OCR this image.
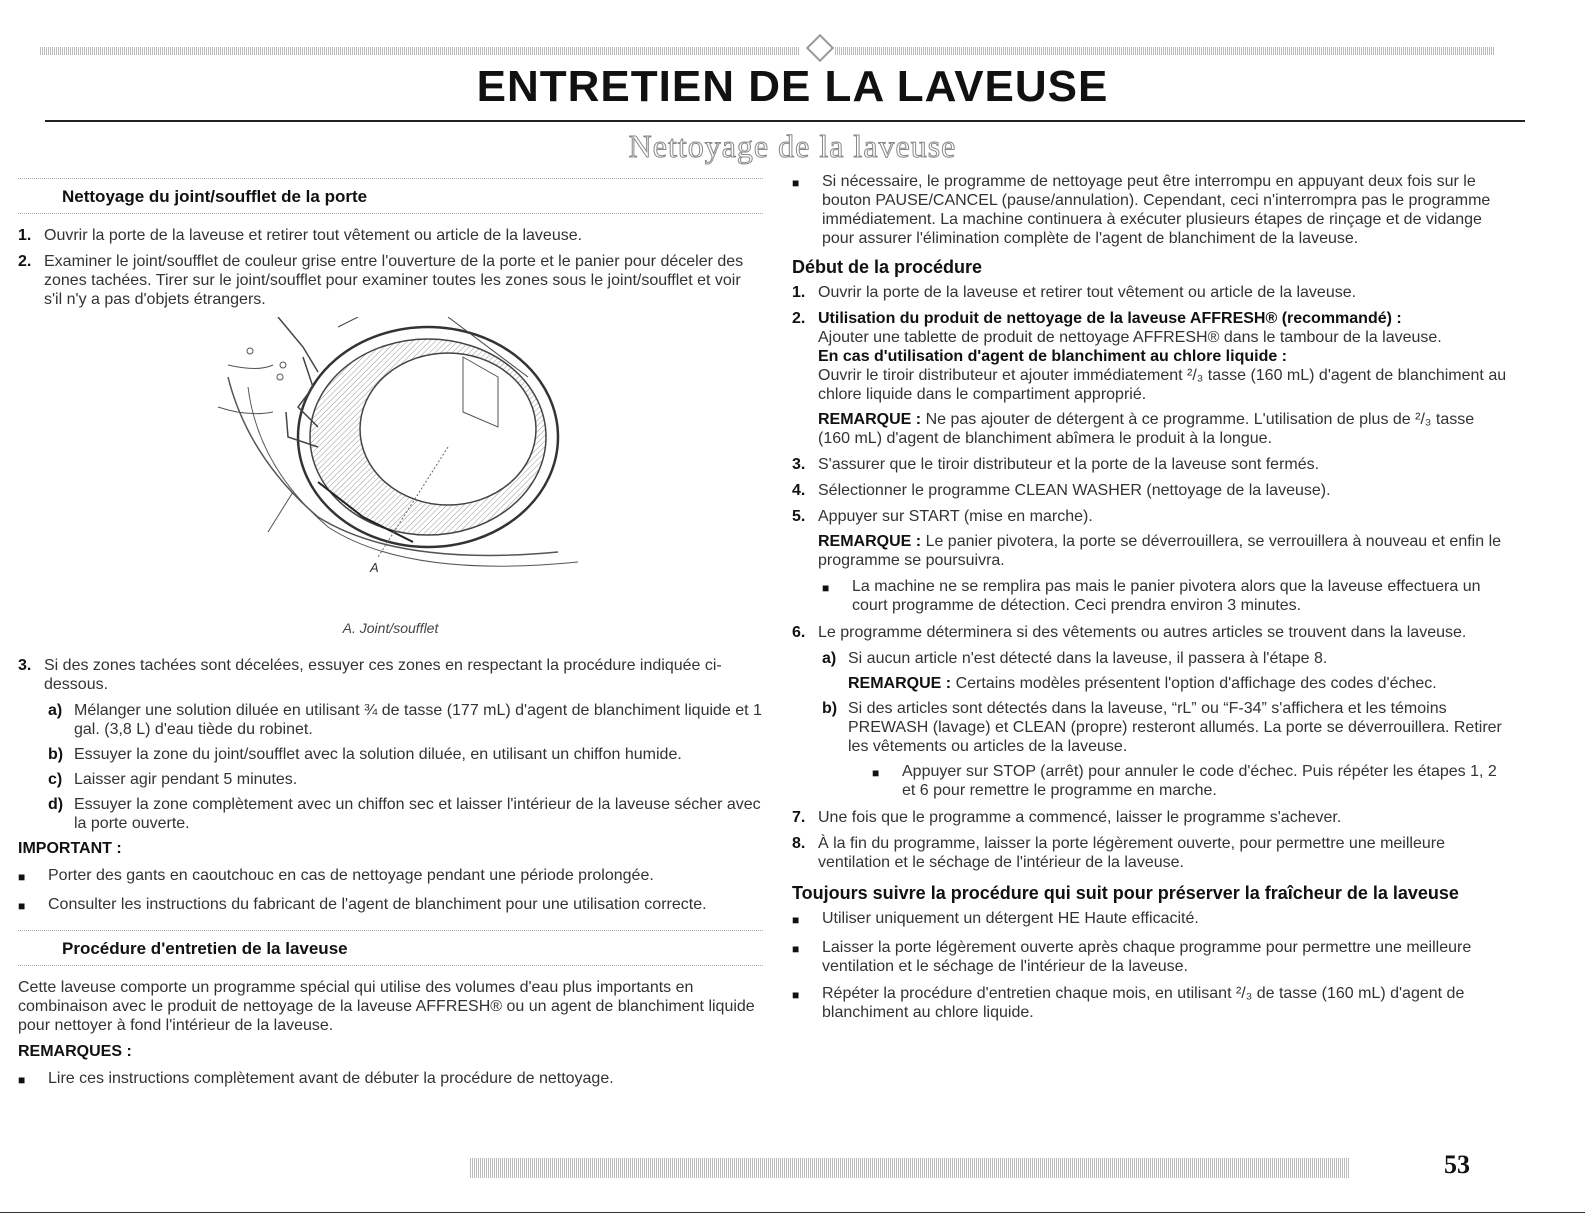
ENTRETIEN DE LA LAVEUSE
Nettoyage de la laveuse
Nettoyage du joint/soufflet de la porte
1. Ouvrir la porte de la laveuse et retirer tout vêtement ou article de la laveuse.
2. Examiner le joint/soufflet de couleur grise entre l'ouverture de la porte et le panier pour déceler des zones tachées. Tirer sur le joint/soufflet pour examiner toutes les zones sous le joint/soufflet et voir s'il n'y a pas d'objets étrangers.
A
A. Joint/soufflet
3. Si des zones tachées sont décelées, essuyer ces zones en respectant la procédure indiquée ci-dessous.
a) Mélanger une solution diluée en utilisant ¾ de tasse (177 mL) d'agent de blanchiment liquide et 1 gal. (3,8 L) d'eau tiède du robinet.
b) Essuyer la zone du joint/soufflet avec la solution diluée, en utilisant un chiffon humide.
c) Laisser agir pendant 5 minutes.
d) Essuyer la zone complètement avec un chiffon sec et laisser l'intérieur de la laveuse sécher avec la porte ouverte.
IMPORTANT :
■	Porter des gants en caoutchouc en cas de nettoyage pendant une période prolongée.
■	Consulter les instructions du fabricant de l'agent de blanchiment pour une utilisation correcte.
Procédure d'entretien de la laveuse
Cette laveuse comporte un programme spécial qui utilise des volumes d'eau plus importants en combinaison avec le produit de nettoyage de la laveuse AFFRESH® ou un agent de blanchiment liquide pour nettoyer à fond l'intérieur de la laveuse.
REMARQUES :
■	Lire ces instructions complètement avant de débuter la procédure de nettoyage.
■	Si nécessaire, le programme de nettoyage peut être interrompu en appuyant deux fois sur le bouton PAUSE/CANCEL (pause/annulation). Cependant, ceci n'interrompra pas le programme immédiatement. La machine continuera à exécuter plusieurs étapes de rinçage et de vidange pour assurer l'élimination complète de l'agent de blanchiment de la laveuse.
Début de la procédure
1. Ouvrir la porte de la laveuse et retirer tout vêtement ou article de la laveuse.
2. Utilisation du produit de nettoyage de la laveuse AFFRESH® (recommandé) :
Ajouter une tablette de produit de nettoyage AFFRESH® dans le tambour de la laveuse.
En cas d'utilisation d'agent de blanchiment au chlore liquide :
Ouvrir le tiroir distributeur et ajouter immédiatement ²/₃ tasse (160 mL) d'agent de blanchiment au chlore liquide dans le compartiment approprié.
REMARQUE : Ne pas ajouter de détergent à ce programme. L'utilisation de plus de ²/₃ tasse (160 mL) d'agent de blanchiment abîmera le produit à la longue.
3. S'assurer que le tiroir distributeur et la porte de la laveuse sont fermés.
4. Sélectionner le programme CLEAN WASHER (nettoyage de la laveuse).
5. Appuyer sur START (mise en marche).
REMARQUE : Le panier pivotera, la porte se déverrouillera, se verrouillera à nouveau et enfin le programme se poursuivra.
■	La machine ne se remplira pas mais le panier pivotera alors que la laveuse effectuera un court programme de détection. Ceci prendra environ 3 minutes.
6. Le programme déterminera si des vêtements ou autres articles se trouvent dans la laveuse.
a) Si aucun article n'est détecté dans la laveuse, il passera à l'étape 8.
REMARQUE : Certains modèles présentent l'option d'affichage des codes d'échec.
b) Si des articles sont détectés dans la laveuse, “rL” ou “F-34” s'affichera et les témoins PREWASH (lavage) et CLEAN (propre) resteront allumés. La porte se déverrouillera. Retirer les vêtements ou articles de la laveuse.
■	Appuyer sur STOP (arrêt) pour annuler le code d'échec. Puis répéter les étapes 1, 2 et 6 pour remettre le programme en marche.
7. Une fois que le programme a commencé, laisser le programme s'achever.
8. À la fin du programme, laisser la porte légèrement ouverte, pour permettre une meilleure ventilation et le séchage de l'intérieur de la laveuse.
Toujours suivre la procédure qui suit pour préserver la fraîcheur de la laveuse
■	Utiliser uniquement un détergent HE Haute efficacité.
■	Laisser la porte légèrement ouverte après chaque programme pour permettre une meilleure ventilation et le séchage de l'intérieur de la laveuse.
■	Répéter la procédure d'entretien chaque mois, en utilisant ²/₃ de tasse (160 mL) d'agent de blanchiment au chlore liquide.
53
